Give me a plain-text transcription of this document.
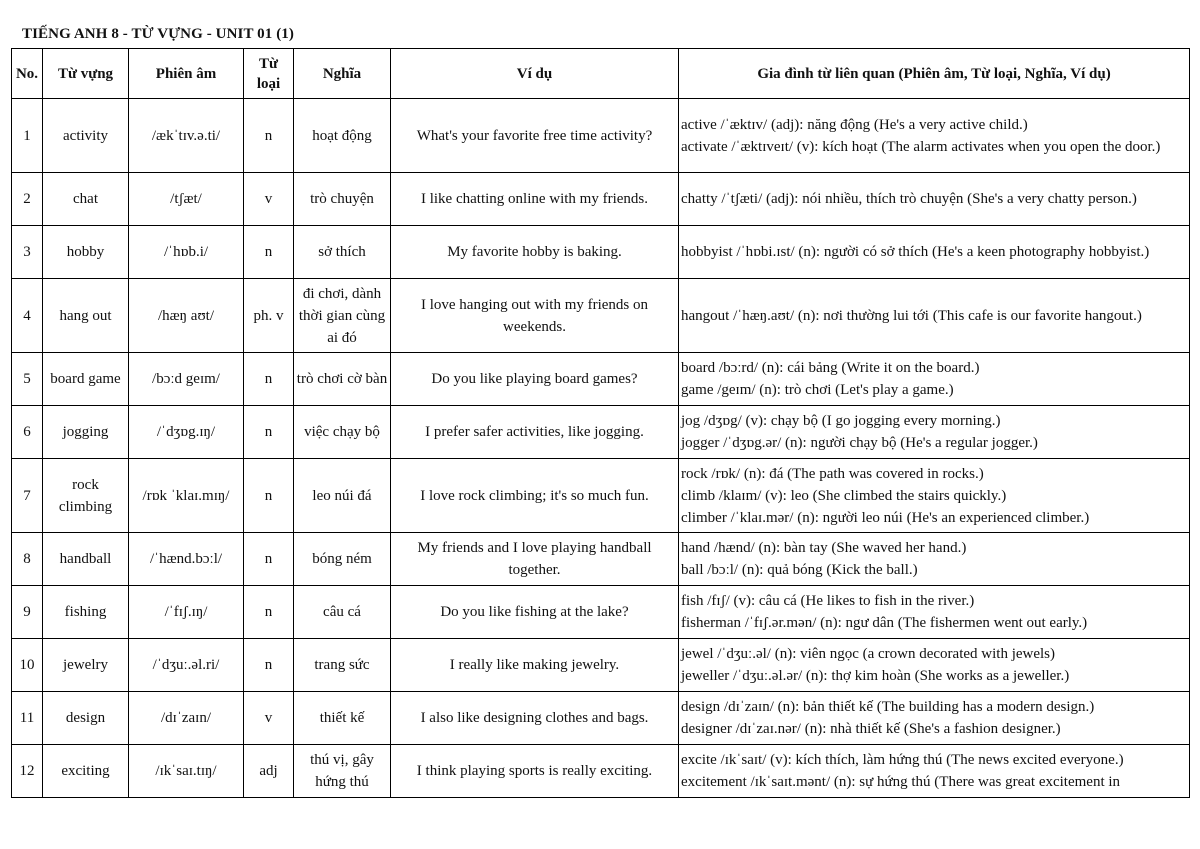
TIẾNG ANH 8 - TỪ VỰNG - UNIT 01 (1)
No.	Từ vựng	Phiên âm	Từ loại	Nghĩa	Ví dụ	Gia đình từ liên quan (Phiên âm, Từ loại, Nghĩa, Ví dụ)
1	activity	/ækˈtɪv.ə.ti/	n	hoạt động	What's your favorite free time activity?	active /ˈæktɪv/ (adj): năng động (He's a very active child.)
activate /ˈæktɪveɪt/ (v): kích hoạt (The alarm activates when you open the door.)

2	chat	/tʃæt/	v	trò chuyện	I like chatting online with my friends.	chatty /ˈtʃæti/ (adj): nói nhiều, thích trò chuyện (She's a very chatty person.)

3	hobby	/ˈhɒb.i/	n	sở thích	My favorite hobby is baking.	hobbyist /ˈhɒbi.ɪst/ (n): người có sở thích (He's a keen photography hobbyist.)

4	hang out	/hæŋ aʊt/	ph. v	đi chơi, dành thời gian cùng ai đó	I love hanging out with my friends on weekends.	hangout /ˈhæŋ.aʊt/ (n): nơi thường lui tới (This cafe is our favorite hangout.)

5	board game	/bɔːd geɪm/	n	trò chơi cờ bàn	Do you like playing board games?	board /bɔːrd/ (n): cái bảng (Write it on the board.)
game /geɪm/ (n): trò chơi (Let's play a game.)

6	jogging	/ˈdʒɒg.ɪŋ/	n	việc chạy bộ	I prefer safer activities, like jogging.	jog /dʒɒg/ (v): chạy bộ (I go jogging every morning.)
jogger /ˈdʒɒg.ər/ (n): người chạy bộ (He's a regular jogger.)

7	rock climbing	/rɒk ˈklaɪ.mɪŋ/	n	leo núi đá	I love rock climbing; it's so much fun.	rock /rɒk/ (n): đá (The path was covered in rocks.)
climb /klaɪm/ (v): leo (She climbed the stairs quickly.)
climber /ˈklaɪ.mər/ (n): người leo núi (He's an experienced climber.)

8	handball	/ˈhænd.bɔːl/	n	bóng ném	My friends and I love playing handball together.	hand /hænd/ (n): bàn tay (She waved her hand.)
ball /bɔːl/ (n): quả bóng (Kick the ball.)

9	fishing	/ˈfɪʃ.ɪŋ/	n	câu cá	Do you like fishing at the lake?	fish /fɪʃ/ (v): câu cá (He likes to fish in the river.)
fisherman /ˈfɪʃ.ər.mən/ (n): ngư dân (The fishermen went out early.)

10	jewelry	/ˈdʒuː.əl.ri/	n	trang sức	I really like making jewelry.	jewel /ˈdʒuː.əl/ (n): viên ngọc (a crown decorated with jewels)
jeweller /ˈdʒuː.əl.ər/ (n): thợ kim hoàn (She works as a jeweller.)

11	design	/dɪˈzaɪn/	v	thiết kế	I also like designing clothes and bags.	design /dɪˈzaɪn/ (n): bản thiết kế (The building has a modern design.)
designer /dɪˈzaɪ.nər/ (n): nhà thiết kế (She's a fashion designer.)

12	exciting	/ɪkˈsaɪ.tɪŋ/	adj	thú vị, gây hứng thú	I think playing sports is really exciting.	excite /ɪkˈsaɪt/ (v): kích thích, làm hứng thú (The news excited everyone.)
excitement /ɪkˈsaɪt.mənt/ (n): sự hứng thú (There was great excitement in
